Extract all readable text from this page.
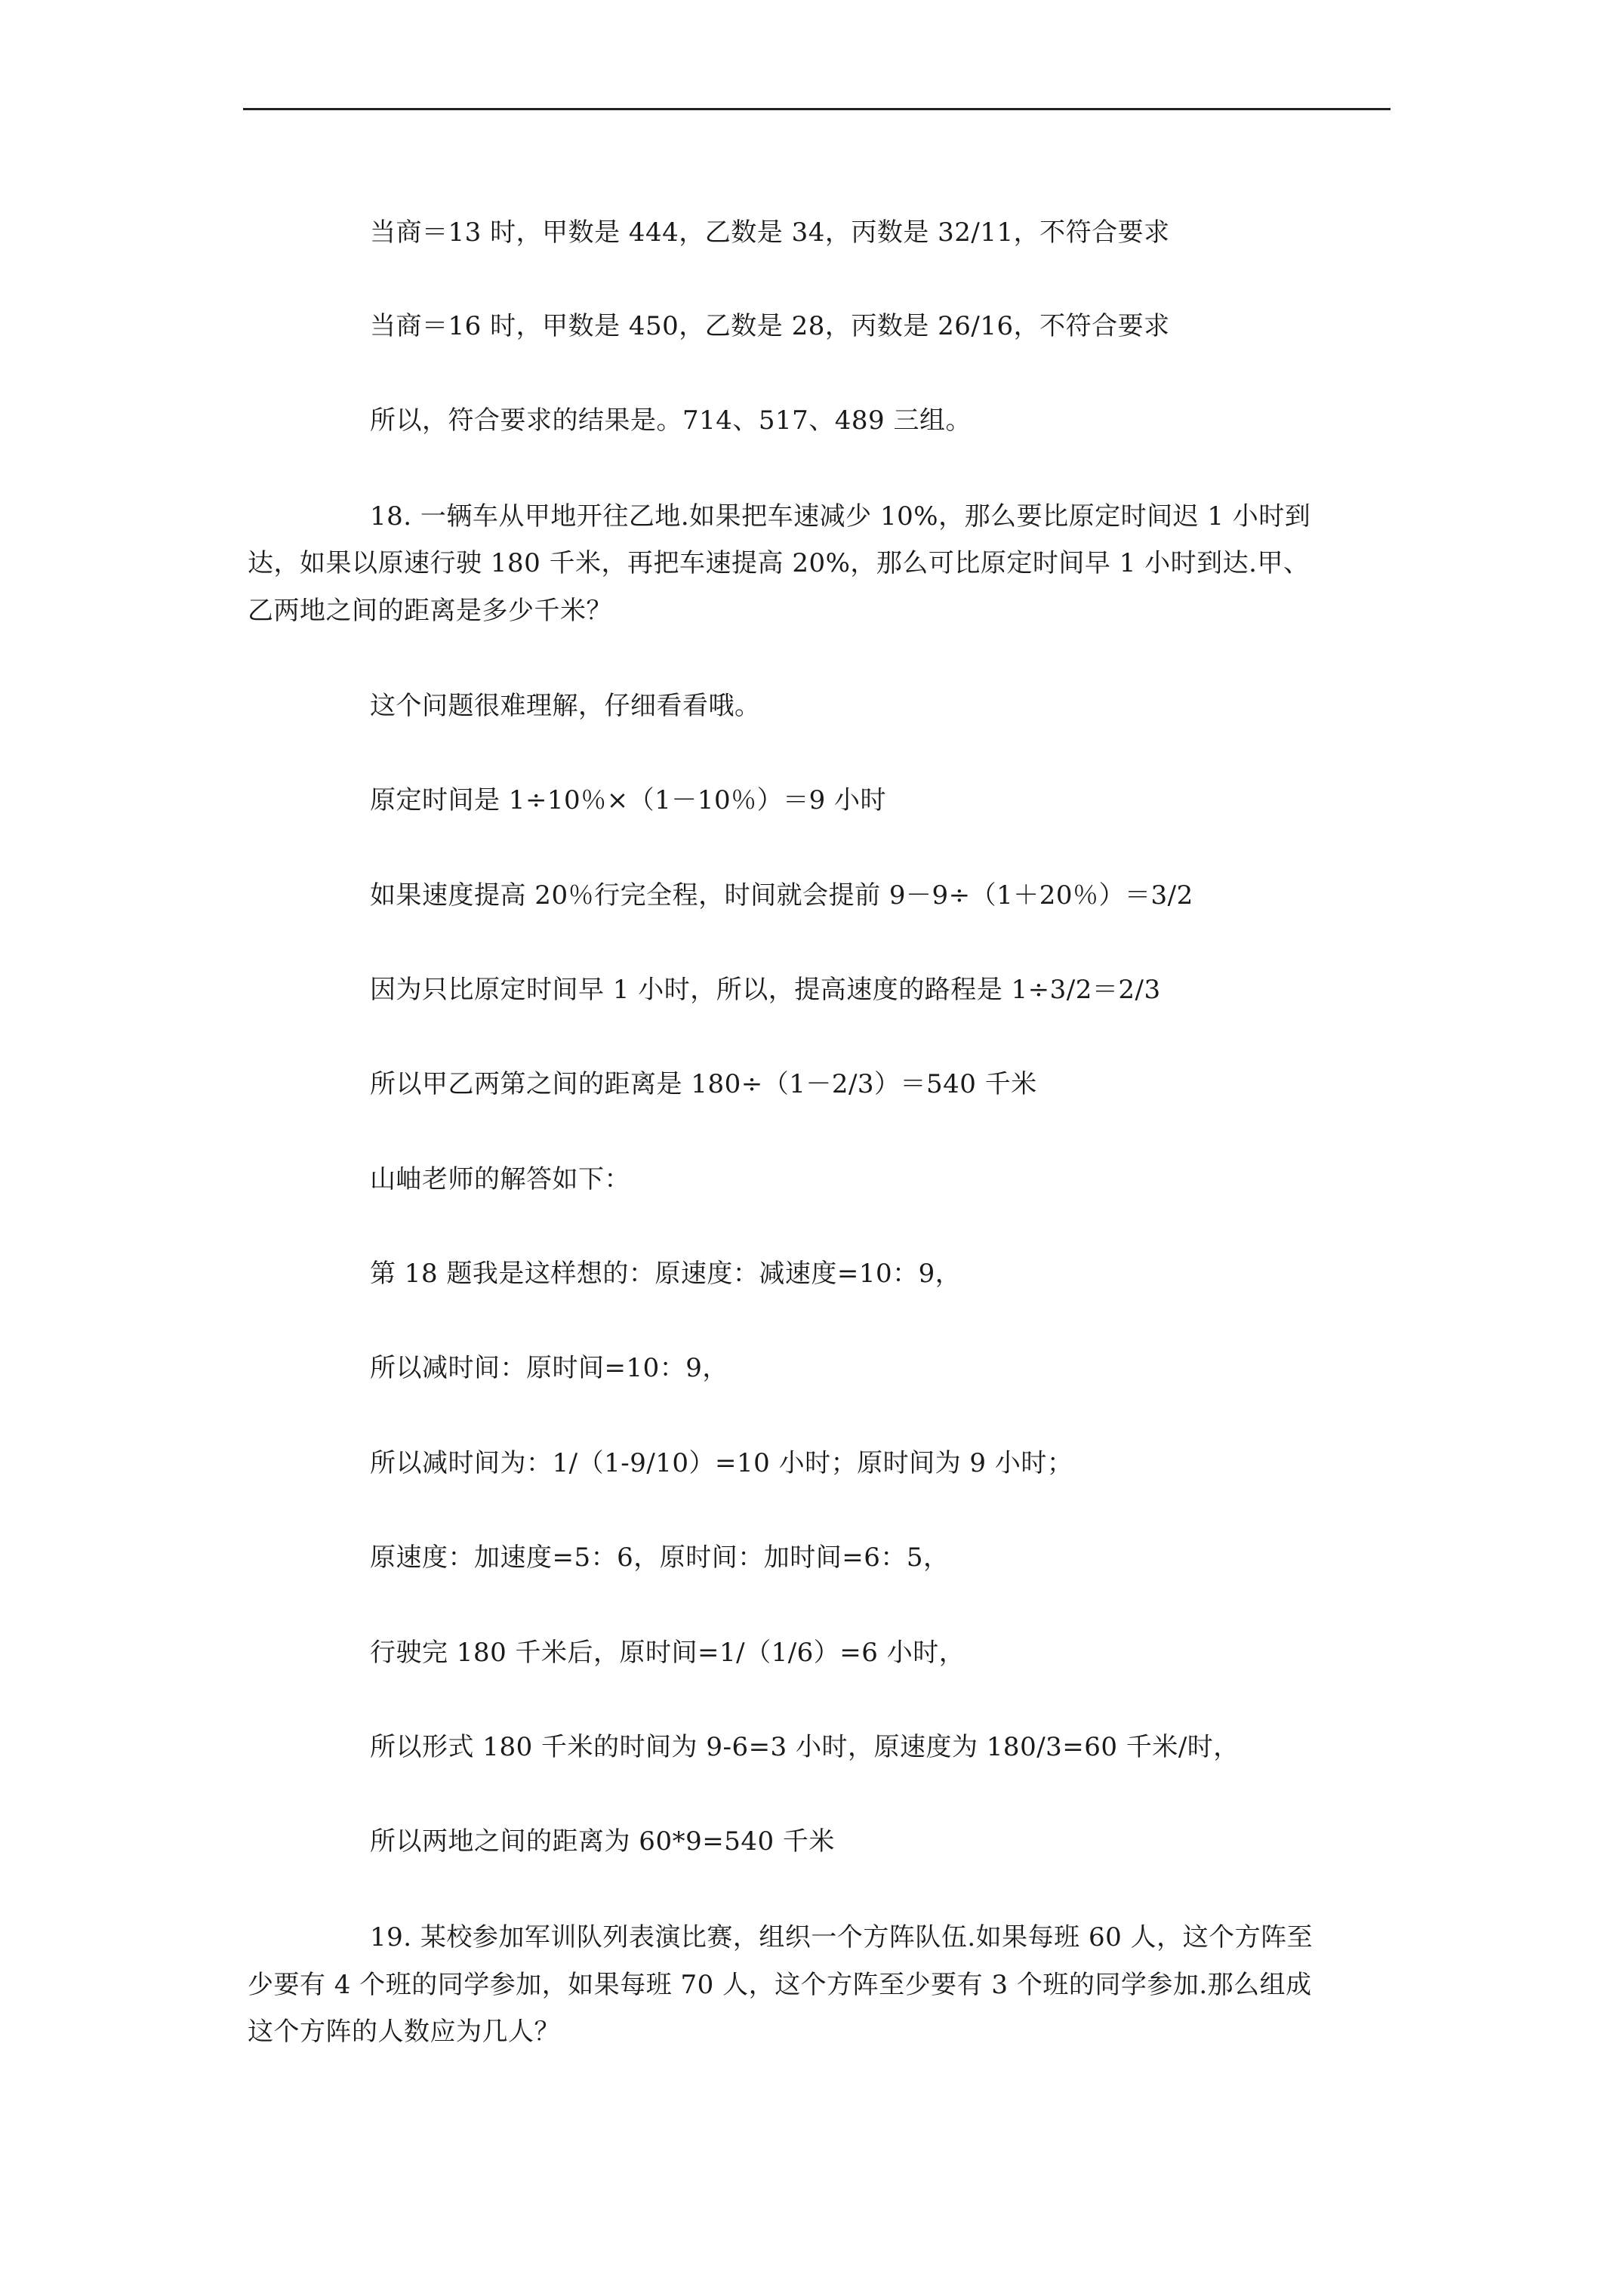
当商＝13 时，甲数是 444，乙数是 34，丙数是 32/11，不符合要求
当商＝16 时，甲数是 450，乙数是 28，丙数是 26/16，不符合要求
所以，符合要求的结果是。714、517、489 三组。
18. 一辆车从甲地开往乙地.如果把车速减少 10%，那么要比原定时间迟 1 小时到
达，如果以原速行驶 180 千米，再把车速提高 20%，那么可比原定时间早 1 小时到达.甲、
乙两地之间的距离是多少千米？
这个问题很难理解，仔细看看哦。
原定时间是 1÷10％×（1－10％）＝9 小时
如果速度提高 20％行完全程，时间就会提前 9－9÷（1＋20％）＝3/2
因为只比原定时间早 1 小时，所以，提高速度的路程是 1÷3/2＝2/3
所以甲乙两第之间的距离是 180÷（1－2/3）＝540 千米
山岫老师的解答如下：
第 18 题我是这样想的：原速度：减速度=10：9，
所以减时间：原时间=10：9，
所以减时间为：1/（1-9/10）=10 小时；原时间为 9 小时；
原速度：加速度=5：6，原时间：加时间=6：5，
行驶完 180 千米后，原时间=1/（1/6）=6 小时，
所以形式 180 千米的时间为 9-6=3 小时，原速度为 180/3=60 千米/时，
所以两地之间的距离为 60*9=540 千米
19. 某校参加军训队列表演比赛，组织一个方阵队伍.如果每班 60 人，这个方阵至
少要有 4 个班的同学参加，如果每班 70 人，这个方阵至少要有 3 个班的同学参加.那么组成
这个方阵的人数应为几人？
